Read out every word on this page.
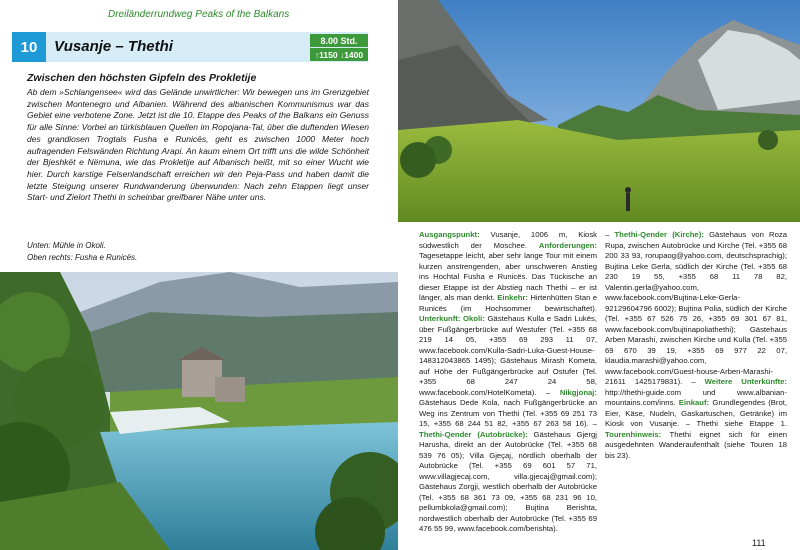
Dreiländerrundweg Peaks of the Balkans
10	Vusanje – Thethi	8.00 Std.
↑1150 ↓1400
Zwischen den höchsten Gipfeln des Prokletije

Ab dem »Schlangensee« wird das Gelände unwirtlicher: Wir bewegen uns im Grenzgebiet zwischen Montenegro und Albanien. Während des albanischen Kommunismus war das Gebiet eine verbotene Zone. Jetzt ist die 10. Etappe des Peaks of the Balkans ein Genuss für alle Sinne: Vorbei an türkisblauen Quellen im Ropojana-Tal, über die duftenden Wiesen des grandiosen Trogtals Fusha e Runicës, geht es zwischen 1000 Meter hoch aufragenden Felswänden Richtung Arapi. An kaum einem Ort trifft uns die wilde Schönheit der Bjeshkët e Nëmuna, wie das Prokletije auf Albanisch heißt, mit so einer Wucht wie hier. Durch karstige Felsenlandschaft erreichen wir den Peja-Pass und haben damit die letzte Steigung unserer Rundwanderung überwunden: Nach zehn Etappen liegt unser Start- und Zielort Thethi in scheinbar greifbarer Nähe unter uns.

Unten: Mühle in Okoli.
Oben rechts: Fusha e Runicës.
Ausgangspunkt: Vusanje, 1006 m, Kiosk südwestlich der Moschee. Anforderungen: Tagesetappe leicht, aber sehr lange Tour mit einem kurzen anstrengenden, aber unschweren Anstieg ins Hochtal Fusha e Runicës. Das Tückische an dieser Etappe ist der Abstieg nach Thethi – er ist länger, als man denkt. Einkehr: Hirtenhütten Stan e Runicës (im Hochsommer bewirtschaftet). Unterkunft: Okoli: Gästehaus Kulla e Sadri Lukës, über Fußgängerbrücke auf Westufer (Tel. +355 68 219 14 05, +355 69 293 11 07, www.facebook.com/Kulla-Sadri-Luka-Guest-House-148312043865 1495); Gästehaus Mirash Kometa, auf Höhe der Fußgängerbrücke auf Ostufer (Tel. +355 68 247 24 58, www.facebook.com/HotelKometa). – Nikgjonaj: Gästehaus Dede Kola, nach Fußgängerbrücke an Weg ins Zentrum von Thethi (Tel. +355 69 251 73 15, +355 68 244 51 82, +355 67 263 58 16). – Thethi-Qender (Autobrücke): Gästehaus Gjergj Harusha, direkt an der Autobrücke (Tel. +355 68 539 76 05); Villa Gjeçaj, nördlich oberhalb der Autobrücke (Tel. +355 69 601 57 71, www.villagjecaj.com, villa.gjecaj@gmail.com); Gästehaus Zorgji, westlich oberhalb der Autobrücke (Tel. +355 68 361 73 09, +355 68 231 96 10, pellumbkola@gmail.com); Bujtina Berishta, nordwestlich oberhalb der Autobrücke (Tel. +355 69 476 55 99, www.facebook.com/berishta).
– Thethi-Qender (Kirche): Gästehaus von Roza Rupa, zwischen Autobrücke und Kirche (Tel. +355 68 200 33 93, rorupaog@yahoo.com, deutschsprachig); Bujtina Leke Gerla, südlich der Kirche (Tel. +355 68 230 19 55, +355 68 11 78 82, Valentin.gerla@yahoo.com, www.facebook.com/Bujtina-Leke-Gerla-92129604796 6002); Bujtina Polia, südlich der Kirche (Tel. +355 67 526 75 26, +355 69 301 67 81, www.facebook.com/bujtinapoliathethi); Gästehaus Arben Marashi, zwischen Kirche und Kulla (Tel. +355 69 670 39 19, +355 69 977 22 07, klaudia.marashi@yahoo.com, www.facebook.com/Guest-house-Arben-Marashi-21611 1425179831). – Weitere Unterkünfte: http://thethi-guide.com und www.albanian-mountains.com/inns. Einkauf: Grundlegendes (Brot, Eier, Käse, Nudeln, Gaskartuschen, Getränke) im Kiosk von Vusanje. – Thethi siehe Etappe 1. Tourenhinweis: Thethi eignet sich für einen ausgedehnten Wanderaufenthalt (siehe Touren 18 bis 23).
111
